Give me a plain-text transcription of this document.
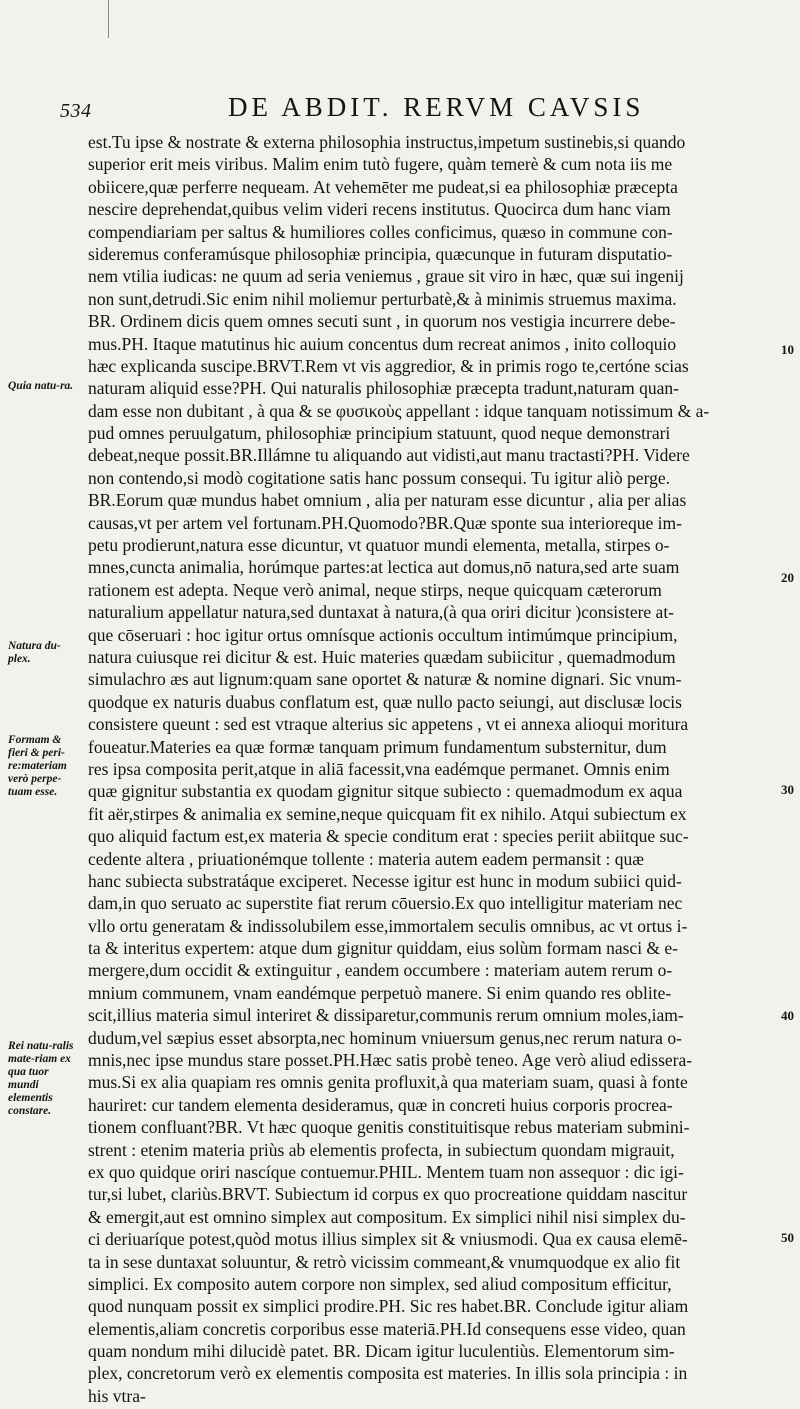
534	DE ABDIT. RERVM CAVSIS
est.Tu ipse & nostrate & externa philosophia instructus,impetum sustinebis,si quando
superior erit meis viribus. Malim enim tutò fugere, quàm temerè & cum nota iis me
obiicere,quæ perferre nequeam. At vehemēter me pudeat,si ea philosophiæ præcepta
nescire deprehendat,quibus velim videri recens institutus. Quocirca dum hanc viam
compendiariam per saltus & humiliores colles conficimus, quæso in commune con-
sideremus conferamúsque philosophiæ principia, quæcunque in futuram disputatio-
nem vtilia iudicas: ne quum ad seria veniemus , graue sit viro in hæc, quæ sui ingenij
non sunt,detrudi.Sic enim nihil moliemur perturbatè,& à minimis struemus maxima.
BR. Ordinem dicis quem omnes secuti sunt , in quorum nos vestigia incurrere debe-
mus.PH. Itaque matutinus hic auium concentus dum recreat animos , inito colloquio
hæc explicanda suscipe.BRVT.Rem vt vis aggredior, & in primis rogo te,certóne scias
naturam aliquid esse?PH. Qui naturalis philosophiæ præcepta tradunt,naturam quan-
dam esse non dubitant , à qua & se φυσικοὺς appellant : idque tanquam notissimum & a-
pud omnes peruulgatum, philosophiæ principium statuunt, quod neque demonstrari
debeat,neque possit.BR.Illámne tu aliquando aut vidisti,aut manu tractasti?PH. Videre
non contendo,si modò cogitatione satis hanc possum consequi. Tu igitur aliò perge.
BR.Eorum quæ mundus habet omnium , alia per naturam esse dicuntur , alia per alias
causas,vt per artem vel fortunam.PH.Quomodo?BR.Quæ sponte sua interioreque im-
petu prodierunt,natura esse dicuntur, vt quatuor mundi elementa, metalla, stirpes o-
mnes,cuncta animalia, horúmque partes:at lectica aut domus,nō natura,sed arte suam
rationem est adepta. Neque verò animal, neque stirps, neque quicquam cæterorum
naturalium appellatur natura,sed duntaxat à natura,(à qua oriri dicitur )consistere at-
que cōseruari : hoc igitur ortus omnísque actionis occultum intimúmque principium,
natura cuiusque rei dicitur & est. Huic materies quædam subiicitur , quemadmodum
simulachro æs aut lignum:quam sane oportet & naturæ & nomine dignari. Sic vnum-
quodque ex naturis duabus conflatum est, quæ nullo pacto seiungi, aut disclusæ locis
consistere queunt : sed est vtraque alterius sic appetens , vt ei annexa alioqui moritura
foueatur.Materies ea quæ formæ tanquam primum fundamentum substernitur, dum
res ipsa composita perit,atque in aliā facessit,vna eadémque permanet. Omnis enim
quæ gignitur substantia ex quodam gignitur sitque subiecto : quemadmodum ex aqua
fit aër,stirpes & animalia ex semine,neque quicquam fit ex nihilo. Atqui subiectum ex
quo aliquid factum est,ex materia & specie conditum erat : species periit abiitque suc-
cedente altera , priuationémque tollente : materia autem eadem permansit : quæ
hanc subiecta substratáque exciperet. Necesse igitur est hunc in modum subiici quid-
dam,in quo seruato ac superstite fiat rerum cōuersio.Ex quo intelligitur materiam nec
vllo ortu generatam & indissolubilem esse,immortalem seculis omnibus, ac vt ortus i-
ta & interitus expertem: atque dum gignitur quiddam, eius solùm formam nasci & e-
mergere,dum occidit & extinguitur , eandem occumbere : materiam autem rerum o-
mnium communem, vnam eandémque perpetuò manere. Si enim quando res oblite-
scit,illius materia simul interiret & dissiparetur,communis rerum omnium moles,iam-
dudum,vel sæpius esset absorpta,nec hominum vniuersum genus,nec rerum natura o-
mnis,nec ipse mundus stare posset.PH.Hæc satis probè teneo. Age verò aliud edissera-
mus.Si ex alia quapiam res omnis genita profluxit,à qua materiam suam, quasi à fonte
hauriret: cur tandem elementa desideramus, quæ in concreti huius corporis procrea-
tionem confluant?BR. Vt hæc quoque genitis constituitisque rebus materiam submini-
strent : etenim materia priùs ab elementis profecta, in subiectum quondam migrauit,
ex quo quidque oriri nascíque contuemur.PHIL. Mentem tuam non assequor : dic igi-
tur,si lubet, clariùs.BRVT. Subiectum id corpus ex quo procreatione quiddam nascitur
& emergit,aut est omnino simplex aut compositum. Ex simplici nihil nisi simplex du-
ci deriuaríque potest,quòd motus illius simplex sit & vniusmodi. Qua ex causa elemē-
ta in sese duntaxat soluuntur, & retrò vicissim commeant,& vnumquodque ex alio fit
simplici. Ex composito autem corpore non simplex, sed aliud compositum efficitur,
quod nunquam possit ex simplici prodire.PH. Sic res habet.BR. Conclude igitur aliam
elementis,aliam concretis corporibus esse materiā.PH.Id consequens esse video, quan
quam nondum mihi dilucidè patet. BR. Dicam igitur luculentiùs. Elementorum sim-
plex, concretorum verò ex elementis composita est materies. In illis sola principia : in
his vtra-
Quia natu-ra.
Natura du-plex.
Formam & fieri & peri-re:materiam verò perpe-tuam esse.
Rei natu-ralis mate-riam ex qua tuor mundi elementis constare.
10
20
30
40
50
